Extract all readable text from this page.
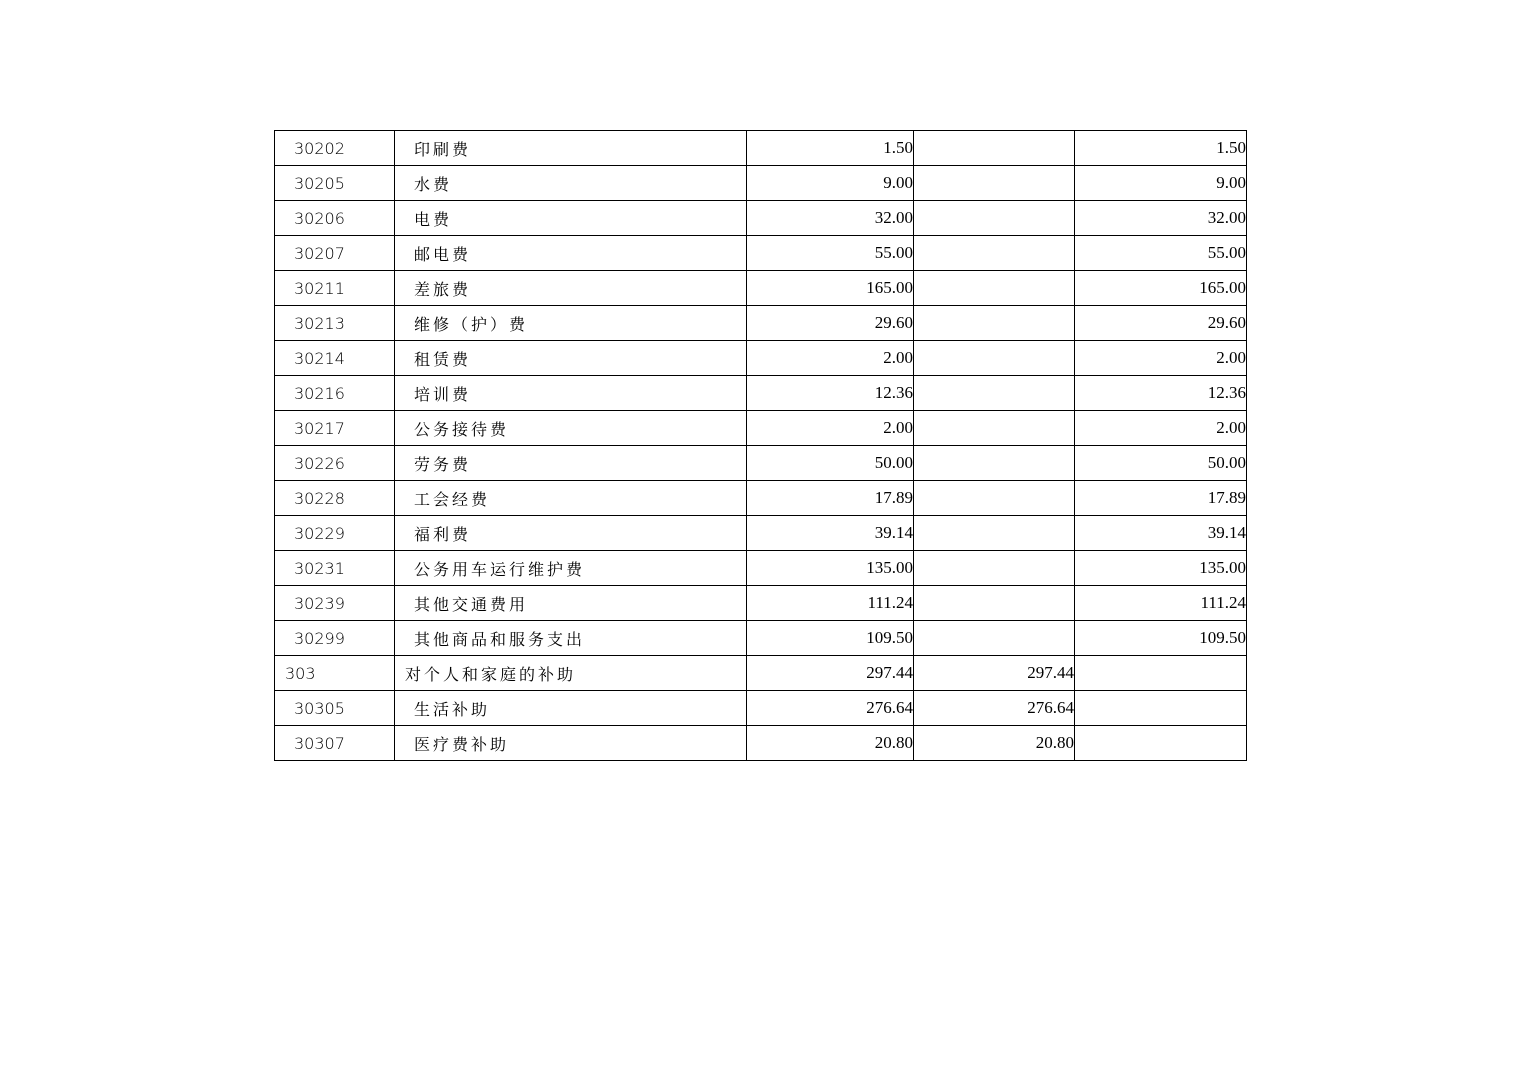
30202	印刷费	1.50		1.50
30205	水费	9.00		9.00
30206	电费	32.00		32.00
30207	邮电费	55.00		55.00
30211	差旅费	165.00		165.00
30213	维修（护）费	29.60		29.60
30214	租赁费	2.00		2.00
30216	培训费	12.36		12.36
30217	公务接待费	2.00		2.00
30226	劳务费	50.00		50.00
30228	工会经费	17.89		17.89
30229	福利费	39.14		39.14
30231	公务用车运行维护费	135.00		135.00
30239	其他交通费用	111.24		111.24
30299	其他商品和服务支出	109.50		109.50
303	对个人和家庭的补助	297.44	297.44	
30305	生活补助	276.64	276.64	
30307	医疗费补助	20.80	20.80	
